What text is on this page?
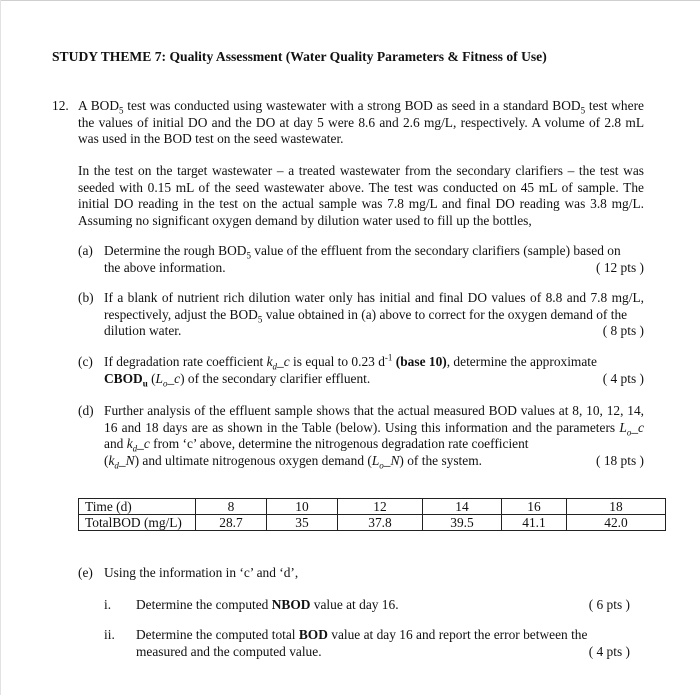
STUDY THEME 7: Quality Assessment (Water Quality Parameters & Fitness of Use)
12. A $BOD_5$ test was conducted using wastewater with a strong BOD as seed in a standard $BOD_5$ test where the values of initial DO and the DO at day 5 were 8.6 and 2.6 mg/L, respectively. A volume of 2.8 mL was used in the BOD test on the seed wastewater.
In the test on the target wastewater – a treated wastewater from the secondary clarifiers – the test was seeded with 0.15 mL of the seed wastewater above. The test was conducted on 45 mL of sample. The initial DO reading in the test on the actual sample was 7.8 mg/L and final DO reading was 3.8 mg/L. Assuming no significant oxygen demand by dilution water used to fill up the bottles,
(a) Determine the rough $BOD_5$ value of the effluent from the secondary clarifiers (sample) based on

the above information.	( 12 pts )
(b) If a blank of nutrient rich dilution water only has initial and final DO values of 8.8 and 7.8 mg/L, respectively, adjust the $BOD_5$ value obtained in (a) above to correct for the oxygen demand of the

dilution water.	( 8 pts )
(c) If degradation rate coefficient $k_d\_c$ is equal to 0.23 $d^{-1}$ (base 10), determine the approximate

$CBOD_u$ $(L_o\_c)$ of the secondary clarifier effluent.	( 4 pts )
(d) Further analysis of the effluent sample shows that the actual measured BOD values at 8, 10, 12, 14, 16 and 18 days are as shown in the Table (below). Using this information and the parameters $L_o\_c$ and $k_d\_c$ from ‘c’ above, determine the nitrogenous degradation rate coefficient

$(k_d\_N)$ and ultimate nitrogenous oxygen demand $(L_o\_N)$ of the system.	( 18 pts )
Time (d)	8	10	12	14	16	18
TotalBOD (mg/L)	28.7	35	37.8	39.5	41.1	42.0
(e) Using the information in ‘c’ and ‘d’,
i. Determine the computed NBOD value at day 16.	( 6 pts )
ii. Determine the computed total BOD value at day 16 and report the error between the

measured and the computed value.	( 4 pts )
